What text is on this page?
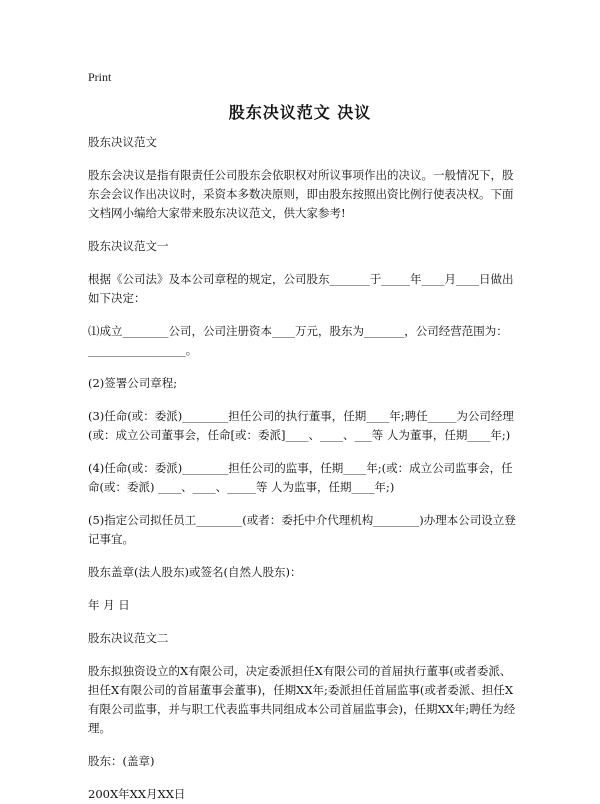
Print
股东决议范文 决议

股东决议范文

股东会决议是指有限责任公司股东会依职权对所议事项作出的决议。一般情况下，股东会会议作出决议时，采资本多数决原则，即由股东按照出资比例行使表决权。下面文档网小编给大家带来股东决议范文，供大家参考!

股东决议范文一

根据《公司法》及本公司章程的规定，公司股东_______于_____年____月____日做出如下决定：

⑴成立________公司，公司注册资本____万元，股东为_______，公司经营范围为：_________________。

(2)签署公司章程;

(3)任命(或：委派)________担任公司的执行董事，任期____年;聘任_____为公司经理(或：成立公司董事会，任命[或：委派]____、____、___等 人为董事，任期____年;)

(4)任命(或：委派)________担任公司的监事，任期____年;(或：成立公司监事会，任命(或：委派) ____、____、_____等 人为监事，任期____年;)

(5)指定公司拟任员工________(或者：委托中介代理机构________)办理本公司设立登记事宜。

股东盖章(法人股东)或签名(自然人股东)：

年 月 日

股东决议范文二

股东拟独资设立的X有限公司，决定委派担任X有限公司的首届执行董事(或者委派、担任X有限公司的首届董事会董事)，任期XX年;委派担任首届监事(或者委派、担任X有限公司监事，并与职工代表监事共同组成本公司首届监事会)，任期XX年;聘任为经理。

股东：(盖章)

200X年XX月XX日
